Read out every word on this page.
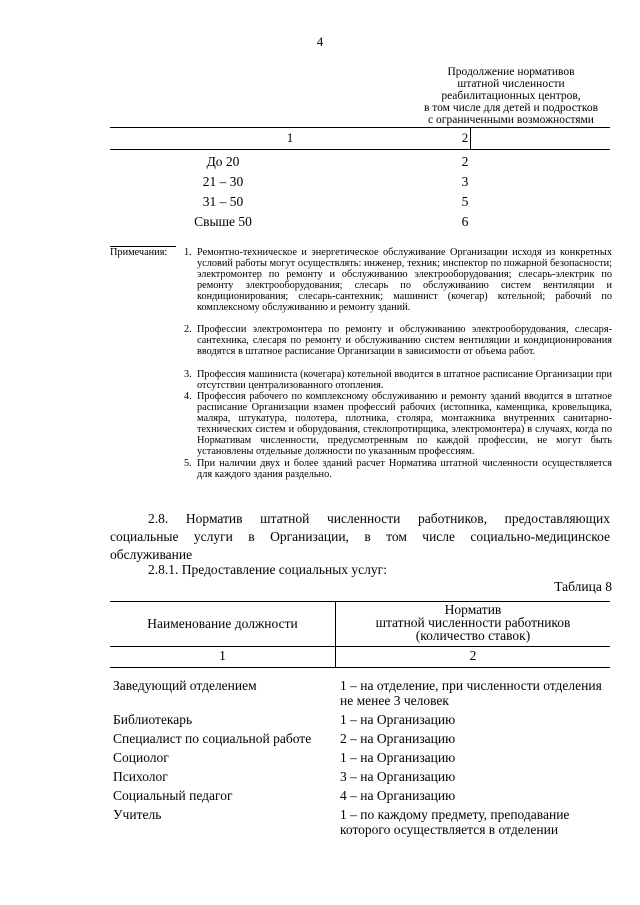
4
Продолжение нормативов
штатной численности
реабилитационных центров,
в том числе для детей и подростков
с ограниченными возможностями
1	2
До 20	2
21 – 30	3
31 – 50	5
Свыше 50	6
Примечания: 1. Ремонтно-техническое и энергетическое обслуживание Организации исходя из конкретных условий работы могут осуществлять: инженер, техник; инспектор по пожарной безопасности; электромонтер по ремонту и обслуживанию электрооборудования; слесарь-электрик по ремонту электрооборудования; слесарь по обслуживанию систем вентиляции и кондиционирования; слесарь-сантехник; машинист (кочегар) котельной; рабочий по комплексному обслуживанию и ремонту зданий.
2. Профессии электромонтера по ремонту и обслуживанию электрооборудования, слесаря-сантехника, слесаря по ремонту и обслуживанию систем вентиляции и кондиционирования вводятся в штатное расписание Организации в зависимости от объема работ.
3. Профессия машиниста (кочегара) котельной вводится в штатное расписание Организации при отсутствии централизованного отопления.
4. Профессия рабочего по комплексному обслуживанию и ремонту зданий вводится в штатное расписание Организации взамен профессий рабочих (истопника, каменщика, кровельщика, маляра, штукатура, полотера, плотника, столяра, монтажника внутренних санитарно-технических систем и оборудования, стеклопротирщика, электромонтера) в случаях, когда по Нормативам численности, предусмотренным по каждой профессии, не могут быть установлены отдельные должности по указанным профессиям.
5. При наличии двух и более зданий расчет Норматива штатной численности осуществляется для каждого здания раздельно.
2.8. Норматив штатной численности работников, предоставляющих социальные услуги в Организации, в том числе социально-медицинское обслуживание
2.8.1. Предоставление социальных услуг:
Таблица 8
Наименование должности
Норматив
штатной численности работников
(количество ставок)
1	2
Заведующий отделением	1 – на отделение, при численности отделения не менее 3 человек
Библиотекарь	1 – на Организацию
Специалист по социальной работе	2 – на Организацию
Социолог	1 – на Организацию
Психолог	3 – на Организацию
Социальный педагог	4 – на Организацию
Учитель	1 – по каждому предмету, преподавание которого осуществляется в отделении
